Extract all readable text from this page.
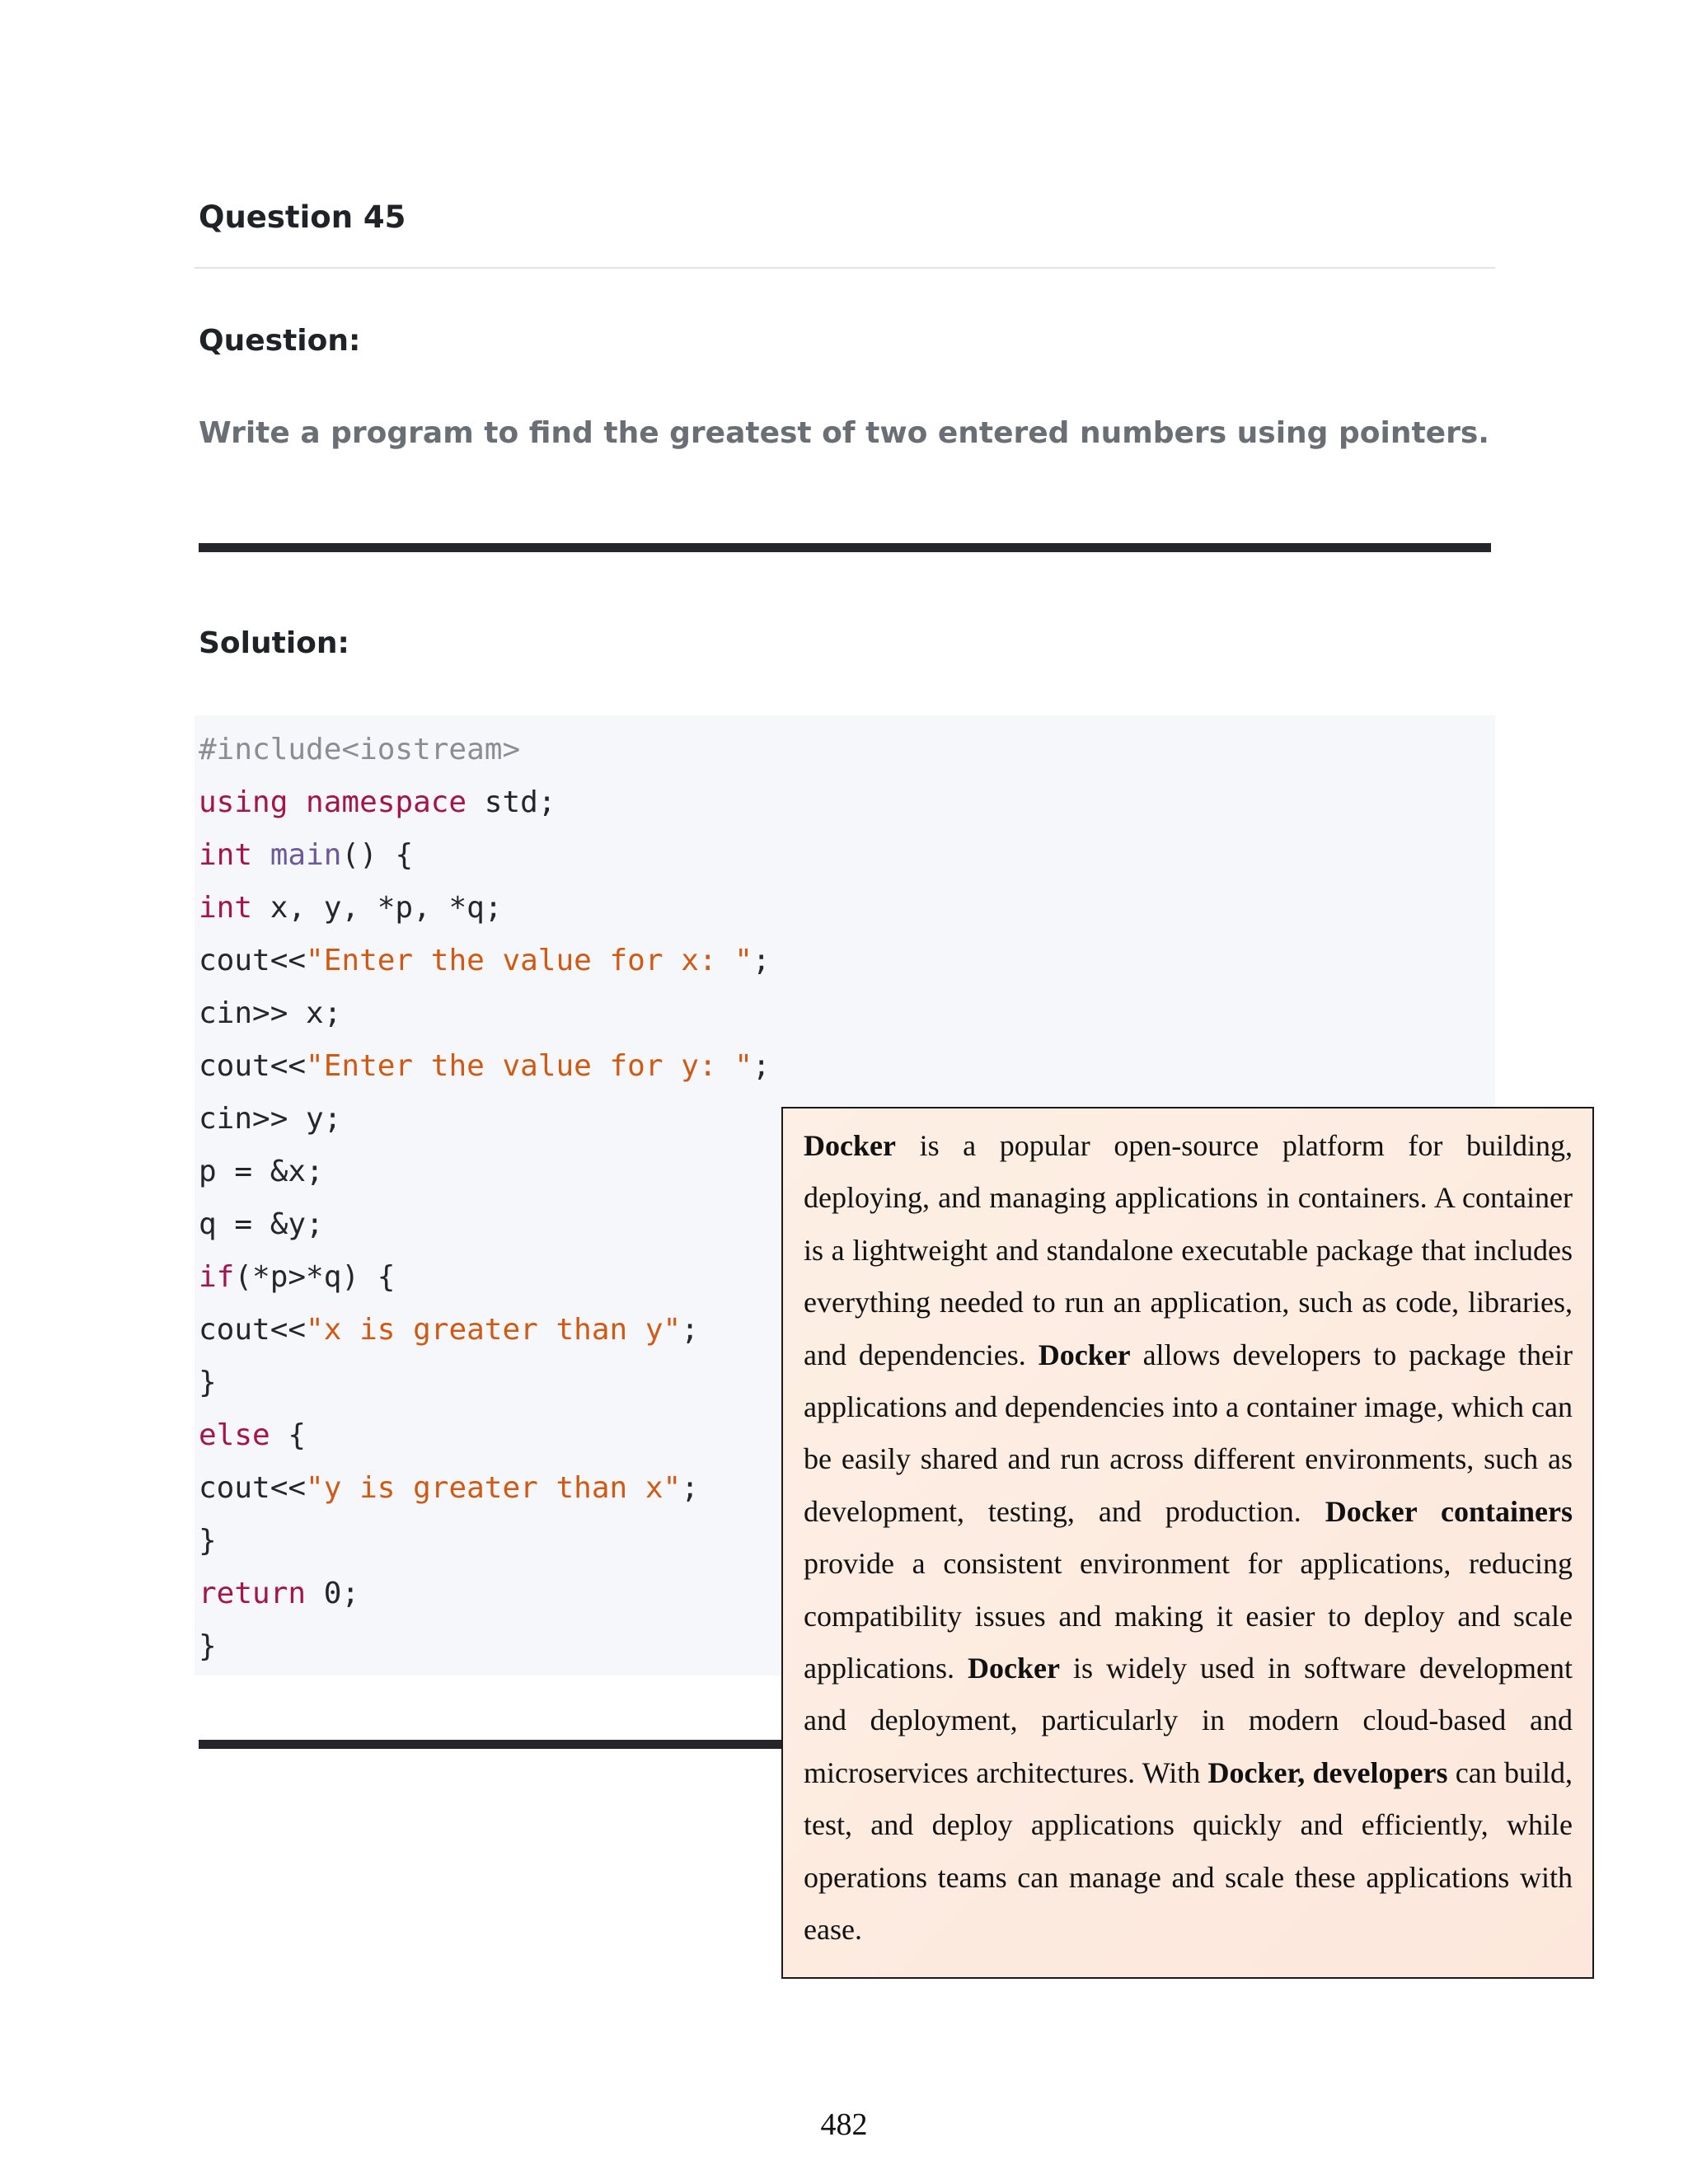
Question 45
Question:
Write a program to find the greatest of two entered numbers using pointers.
Solution:
#include<iostream>
using namespace std;
int main() {
int x, y, *p, *q;
cout<<"Enter the value for x: ";
cin>> x;
cout<<"Enter the value for y: ";
cin>> y;
p = &x;
q = &y;
if(*p>*q) {
cout<<"x is greater than y";
}
else {
cout<<"y is greater than x";
}
return 0;
}
Docker is a popular open-source platform for building, deploying, and managing applications in containers. A container is a lightweight and standalone executable package that includes everything needed to run an application, such as code, libraries, and dependencies. Docker allows developers to package their applications and dependencies into a container image, which can be easily shared and run across different environments, such as development, testing, and production. Docker containers provide a consistent environment for applications, reducing compatibility issues and making it easier to deploy and scale applications. Docker is widely used in software development and deployment, particularly in modern cloud-based and microservices architectures. With Docker, developers can build, test, and deploy applications quickly and efficiently, while operations teams can manage and scale these applications with ease.
482
